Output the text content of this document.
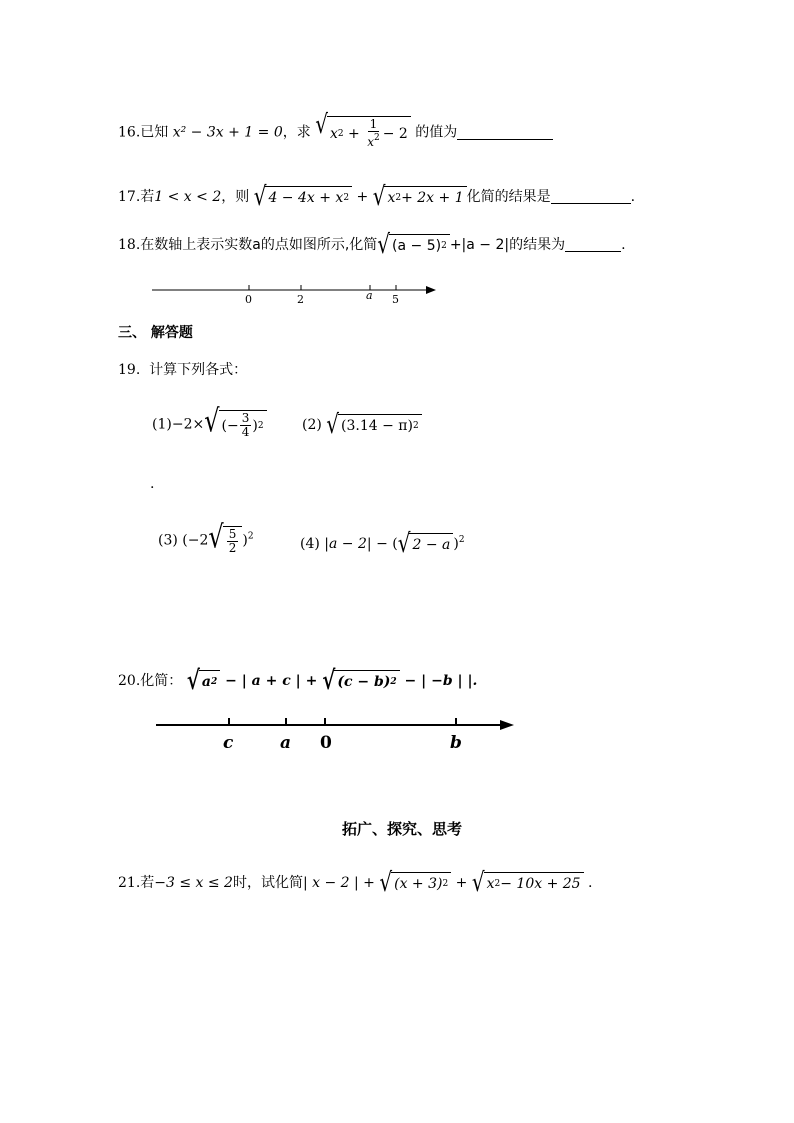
16.已知 x² − 3x + 1 = 0，求 √ x $2 + \frac{1}{x^2} - 2$ 的值为
17.若1 < x < 2，则 √ 4 − 4x + x 2 + √ x 2 + 2x + 1 化简的结果是	.
18.在数轴上表示实数a的点如图所示,化简 √ (a − 5) 2 +|a − 2|的结果为	.
0	2	a 5
三、 解答题
19. 计算下列各式：
(1)−2× √ (− $\frac{3}{4}$ ) 2	(2) √ (3.14 − π) 2
.
(3) (−2 √ $\frac{5}{2} )^2$	(4) |a − 2| − ( √ 2 − a )$^2$
20.化简： √ a 2 − | a + c | + √ (c − b) 2 − | −b | |.
c	a 0	b
拓广、探究、思考
21.若−3 ≤ x ≤ 2时，试化简| x − 2 | + √ (x + 3) 2 + √ x 2 − 10x + 25 .
